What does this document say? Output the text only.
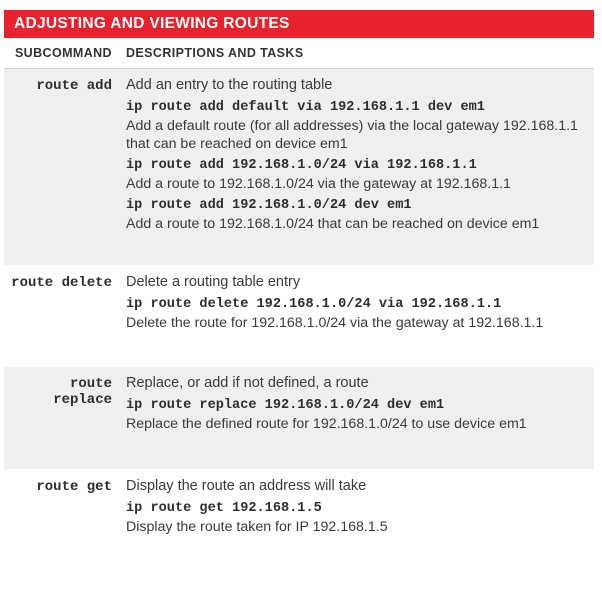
ADJUSTING AND VIEWING ROUTES
SUBCOMMAND	DESCRIPTIONS AND TASKS
route add Add an entry to the routing table
ip route add default via 192.168.1.1 dev em1
Add a default route (for all addresses) via the local gateway 192.168.1.1 that can be reached on device em1
ip route add 192.168.1.0/24 via 192.168.1.1
Add a route to 192.168.1.0/24 via the gateway at 192.168.1.1
ip route add 192.168.1.0/24 dev em1
Add a route to 192.168.1.0/24 that can be reached on device em1
route delete Delete a routing table entry
ip route delete 192.168.1.0/24 via 192.168.1.1
Delete the route for 192.168.1.0/24 via the gateway at 192.168.1.1
route replace
Replace, or add if not defined, a route
ip route replace 192.168.1.0/24 dev em1
Replace the defined route for 192.168.1.0/24 to use device em1
route get Display the route an address will take
ip route get 192.168.1.5
Display the route taken for IP 192.168.1.5
